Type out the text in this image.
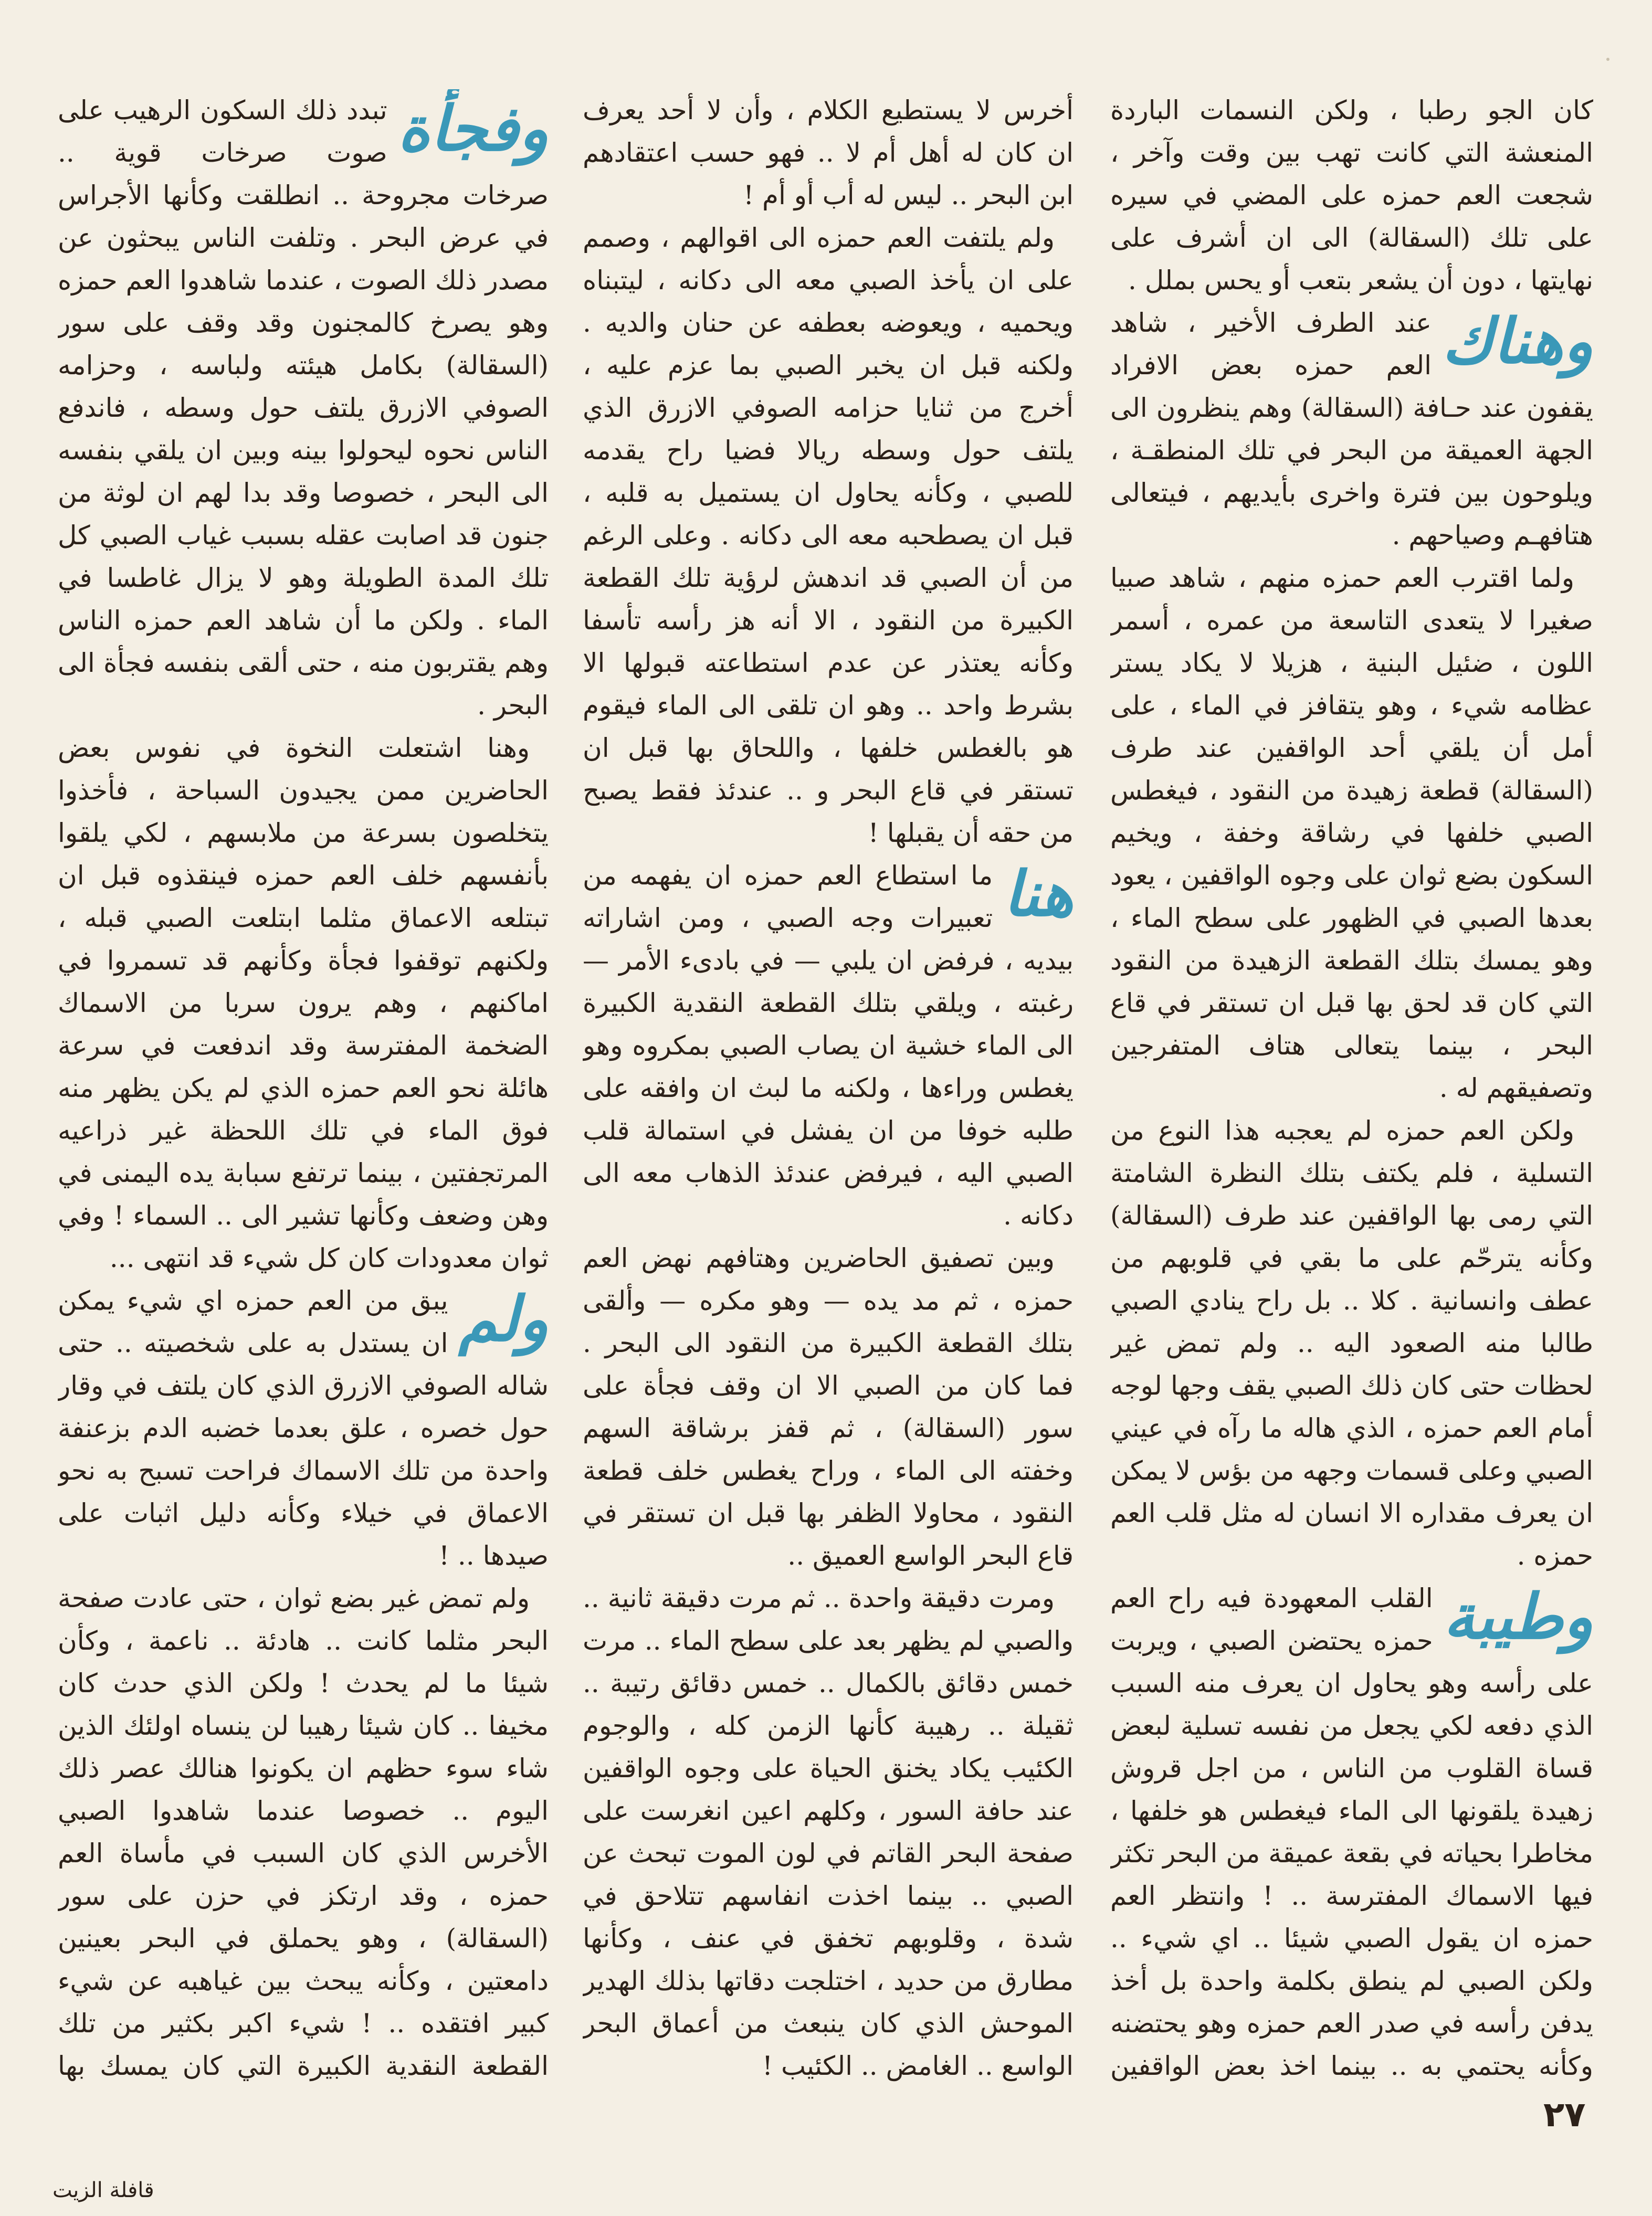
كان الجو رطبا ، ولكن النسمات الباردة المنعشة التي كانت تهب بين وقت وآخر ، شجعت العم حمزه على المضي في سيره على تلك (السقالة) الى ان أشرف على نهايتها ، دون أن يشعر بتعب أو يحس بملل .

وهناك
عند الطرف الأخير ، شاهد العم حمزه بعض الافراد يقفون عند حـافة (السقالة) وهم ينظرون الى الجهة العميقة من البحر في تلك المنطقـة ، ويلوحون بين فترة واخرى بأيديهم ، فيتعالى هتافهـم وصياحهم .

ولما اقترب العم حمزه منهم ، شاهد صبيا صغيرا لا يتعدى التاسعة من عمره ، أسمر اللون ، ضئيل البنية ، هزيلا لا يكاد يستر عظامه شيء ، وهو يتقافز في الماء ، على أمل أن يلقي أحد الواقفين عند طرف (السقالة) قطعة زهيدة من النقود ، فيغطس الصبي خلفها في رشاقة وخفة ، ويخيم السكون بضع ثوان على وجوه الواقفين ، يعود بعدها الصبي في الظهور على سطح الماء ، وهو يمسك بتلك القطعة الزهيدة من النقود التي كان قد لحق بها قبل ان تستقر في قاع البحر ، بينما يتعالى هتاف المتفرجين وتصفيقهم له .

ولكن العم حمزه لم يعجبه هذا النوع من التسلية ، فلم يكتف بتلك النظرة الشامتة التي رمى بها الواقفين عند طرف (السقالة) وكأنه يترحّم على ما بقي في قلوبهم من عطف وانسانية . كلا .. بل راح ينادي الصبي طالبا منه الصعود اليه .. ولم تمض غير لحظات حتى كان ذلك الصبي يقف وجها لوجه أمام العم حمزه ، الذي هاله ما رآه في عيني الصبي وعلى قسمات وجهه من بؤس لا يمكن ان يعرف مقداره الا انسان له مثل قلب العم حمزه .

وطيبة
القلب المعهودة فيه راح العم حمزه يحتضن الصبي ، ويربت على رأسه وهو يحاول ان يعرف منه السبب الذي دفعه لكي يجعل من نفسه تسلية لبعض قساة القلوب من الناس ، من اجل قروش زهيدة يلقونها الى الماء فيغطس هو خلفها ، مخاطرا بحياته في بقعة عميقة من البحر تكثر فيها الاسماك المفترسة .. ! وانتظر العم حمزه ان يقول الصبي شيئا .. اي شيء .. ولكن الصبي لم ينطق بكلمة واحدة بل أخذ يدفن رأسه في صدر العم حمزه وهو يحتضنه وكأنه يحتمي به .. بينما اخذ بعض الواقفين

أخرس لا يستطيع الكلام ، وأن لا أحد يعرف ان كان له أهل أم لا .. فهو حسب اعتقادهم ابن البحر .. ليس له أب أو أم !

ولم يلتفت العم حمزه الى اقوالهم ، وصمم على ان يأخذ الصبي معه الى دكانه ، ليتبناه ويحميه ، ويعوضه بعطفه عن حنان والديه . ولكنه قبل ان يخبر الصبي بما عزم عليه ، أخرج من ثنايا حزامه الصوفي الازرق الذي يلتف حول وسطه ريالا فضيا راح يقدمه للصبي ، وكأنه يحاول ان يستميل به قلبه ، قبل ان يصطحبه معه الى دكانه . وعلى الرغم من أن الصبي قد اندهش لرؤية تلك القطعة الكبيرة من النقود ، الا أنه هز رأسه تأسفا وكأنه يعتذر عن عدم استطاعته قبولها الا بشرط واحد .. وهو ان تلقى الى الماء فيقوم هو بالغطس خلفها ، واللحاق بها قبل ان تستقر في قاع البحر و .. عندئذ فقط يصبح من حقه أن يقبلها !

هنا
ما استطاع العم حمزه ان يفهمه من تعبيرات وجه الصبي ، ومن اشاراته بيديه ، فرفض ان يلبي — في بادىء الأمر — رغبته ، ويلقي بتلك القطعة النقدية الكبيرة الى الماء خشية ان يصاب الصبي بمكروه وهو يغطس وراءها ، ولكنه ما لبث ان وافقه على طلبه خوفا من ان يفشل في استمالة قلب الصبي اليه ، فيرفض عندئذ الذهاب معه الى دكانه .

وبين تصفيق الحاضرين وهتافهم نهض العم حمزه ، ثم مد يده — وهو مكره — وألقى بتلك القطعة الكبيرة من النقود الى البحر . فما كان من الصبي الا ان وقف فجأة على سور (السقالة) ، ثم قفز برشاقة السهم وخفته الى الماء ، وراح يغطس خلف قطعة النقود ، محاولا الظفر بها قبل ان تستقر في قاع البحر الواسع العميق ..

ومرت دقيقة واحدة .. ثم مرت دقيقة ثانية .. والصبي لم يظهر بعد على سطح الماء .. مرت خمس دقائق بالكمال .. خمس دقائق رتيبة .. ثقيلة .. رهيبة كأنها الزمن كله ، والوجوم الكئيب يكاد يخنق الحياة على وجوه الواقفين عند حافة السور ، وكلهم اعين انغرست على صفحة البحر القاتم في لون الموت تبحث عن الصبي .. بينما اخذت انفاسهم تتلاحق في شدة ، وقلوبهم تخفق في عنف ، وكأنها مطارق من حديد ، اختلجت دقاتها بذلك الهدير الموحش الذي كان ينبعث من أعماق البحر الواسع .. الغامض .. الكئيب !

وفجأة
تبدد ذلك السكون الرهيب على صوت صرخات قوية .. صرخات مجروحة .. انطلقت وكأنها الأجراس في عرض البحر . وتلفت الناس يبحثون عن مصدر ذلك الصوت ، عندما شاهدوا العم حمزه وهو يصرخ كالمجنون وقد وقف على سور (السقالة) بكامل هيئته ولباسه ، وحزامه الصوفي الازرق يلتف حول وسطه ، فاندفع الناس نحوه ليحولوا بينه وبين ان يلقي بنفسه الى البحر ، خصوصا وقد بدا لهم ان لوثة من جنون قد اصابت عقله بسبب غياب الصبي كل تلك المدة الطويلة وهو لا يزال غاطسا في الماء . ولكن ما أن شاهد العم حمزه الناس وهم يقتربون منه ، حتى ألقى بنفسه فجأة الى البحر .

وهنا اشتعلت النخوة في نفوس بعض الحاضرين ممن يجيدون السباحة ، فأخذوا يتخلصون بسرعة من ملابسهم ، لكي يلقوا بأنفسهم خلف العم حمزه فينقذوه قبل ان تبتلعه الاعماق مثلما ابتلعت الصبي قبله ، ولكنهم توقفوا فجأة وكأنهم قد تسمروا في اماكنهم ، وهم يرون سربا من الاسماك الضخمة المفترسة وقد اندفعت في سرعة هائلة نحو العم حمزه الذي لم يكن يظهر منه فوق الماء في تلك اللحظة غير ذراعيه المرتجفتين ، بينما ترتفع سبابة يده اليمنى في وهن وضعف وكأنها تشير الى .. السماء ! وفي ثوان معدودات كان كل شيء قد انتهى ...

ولم
يبق من العم حمزه اي شيء يمكن ان يستدل به على شخصيته .. حتى شاله الصوفي الازرق الذي كان يلتف في وقار حول خصره ، علق بعدما خضبه الدم بزعنفة واحدة من تلك الاسماك فراحت تسبح به نحو الاعماق في خيلاء وكأنه دليل اثبات على صيدها .. !

ولم تمض غير بضع ثوان ، حتى عادت صفحة البحر مثلما كانت .. هادئة .. ناعمة ، وكأن شيئا ما لم يحدث ! ولكن الذي حدث كان مخيفا .. كان شيئا رهيبا لن ينساه اولئك الذين شاء سوء حظهم ان يكونوا هنالك عصر ذلك اليوم .. خصوصا عندما شاهدوا الصبي الأخرس الذي كان السبب في مأساة العم حمزه ، وقد ارتكز في حزن على سور (السقالة) ، وهو يحملق في البحر بعينين دامعتين ، وكأنه يبحث بين غياهبه عن شيء كبير افتقده .. ! شيء اكبر بكثير من تلك القطعة النقدية الكبيرة التي كان يمسك بها

٢٧
قافلة الزيت
